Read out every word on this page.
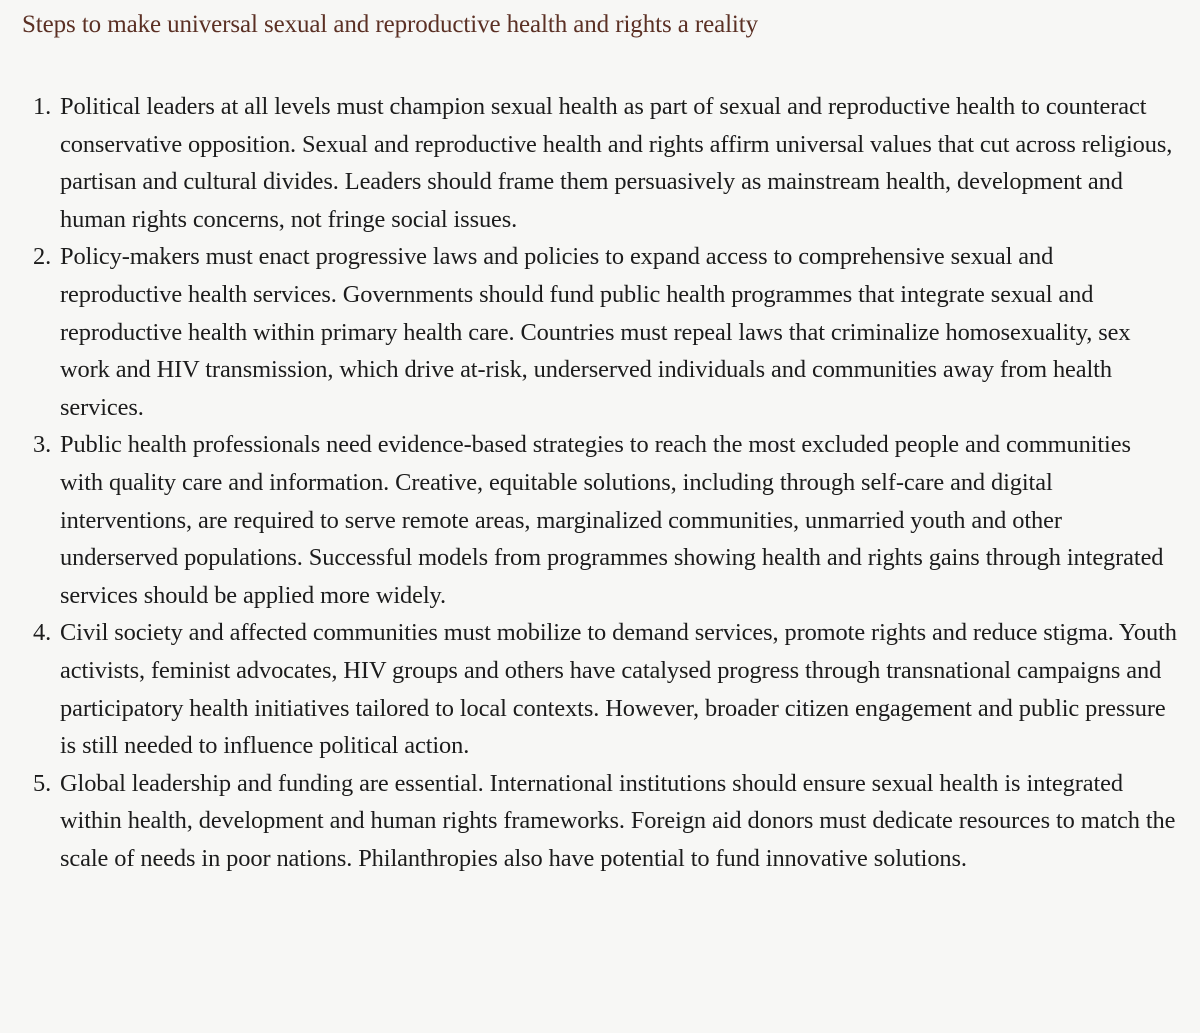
Steps to make universal sexual and reproductive health and rights a reality
1. Political leaders at all levels must champion sexual health as part of sexual and reproductive health to counteract conservative opposition. Sexual and reproductive health and rights affirm universal values that cut across religious, partisan and cultural divides. Leaders should frame them persuasively as mainstream health, development and human rights concerns, not fringe social issues.
2. Policy-makers must enact progressive laws and policies to expand access to comprehensive sexual and reproductive health services. Governments should fund public health programmes that integrate sexual and reproductive health within primary health care. Countries must repeal laws that criminalize homosexuality, sex work and HIV transmission, which drive at-risk, underserved individuals and communities away from health services.
3. Public health professionals need evidence-based strategies to reach the most excluded people and communities with quality care and information. Creative, equitable solutions, including through self-care and digital interventions, are required to serve remote areas, marginalized communities, unmarried youth and other underserved populations. Successful models from programmes showing health and rights gains through integrated services should be applied more widely.
4. Civil society and affected communities must mobilize to demand services, promote rights and reduce stigma. Youth activists, feminist advocates, HIV groups and others have catalysed progress through transnational campaigns and participatory health initiatives tailored to local contexts. However, broader citizen engagement and public pressure is still needed to influence political action.
5. Global leadership and funding are essential. International institutions should ensure sexual health is integrated within health, development and human rights frameworks. Foreign aid donors must dedicate resources to match the scale of needs in poor nations. Philanthropies also have potential to fund innovative solutions.
